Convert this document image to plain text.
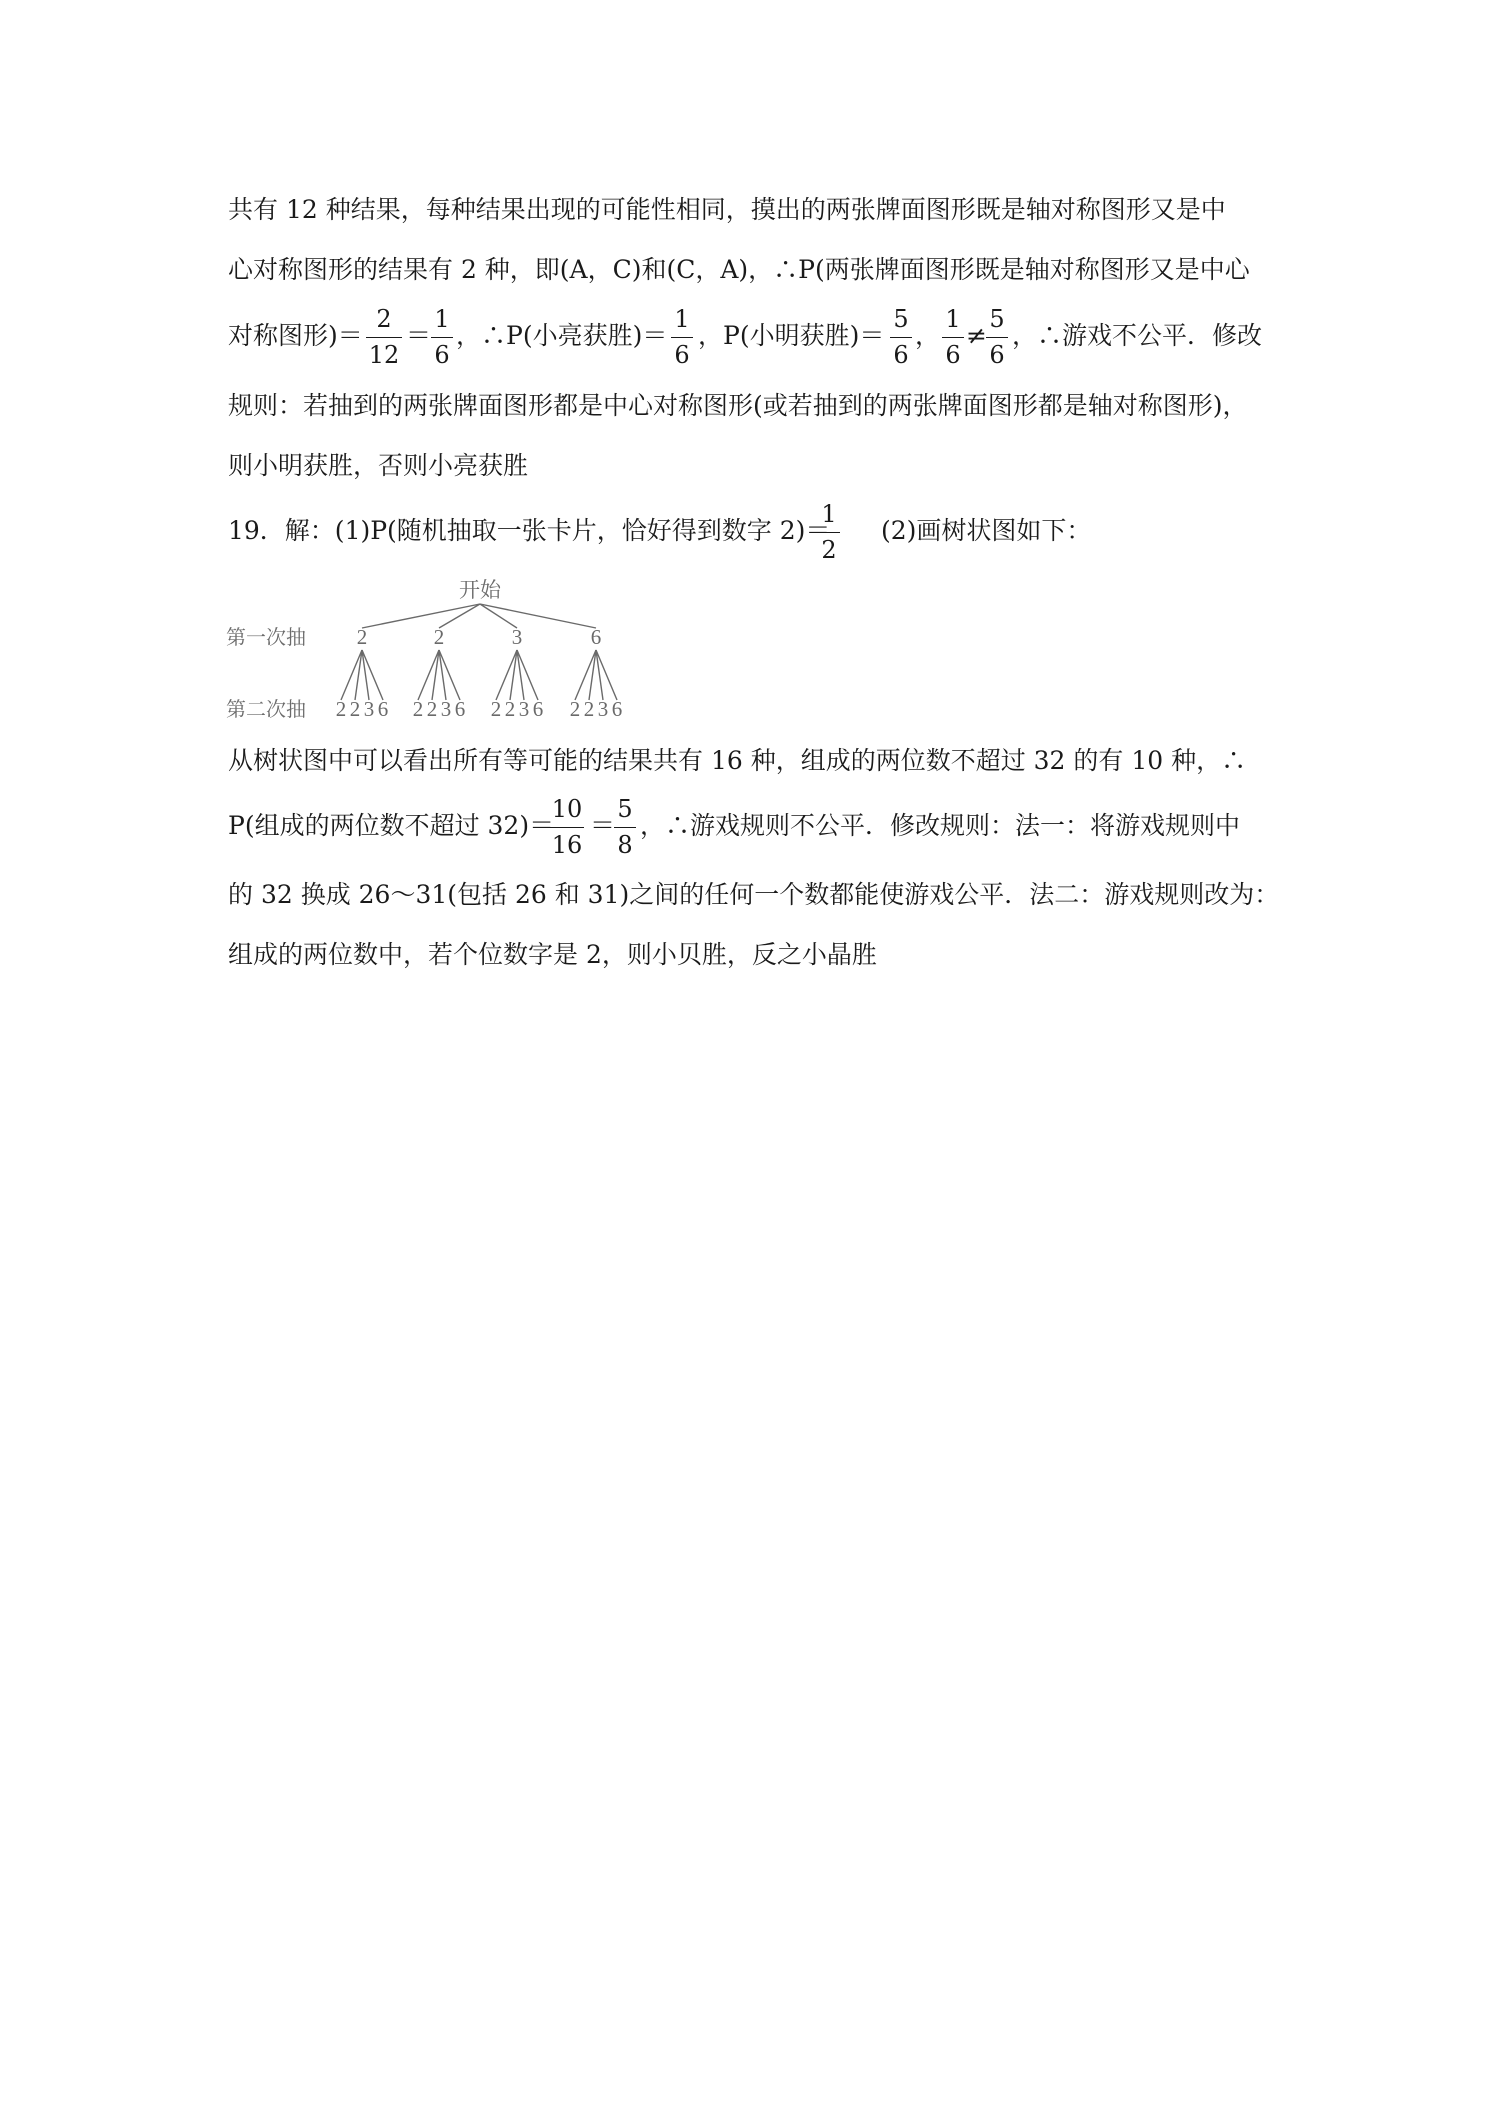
共有 12 种结果，每种结果出现的可能性相同，摸出的两张牌面图形既是轴对称图形又是中
心对称图形的结果有 2 种，即(A，C)和(C，A)，∴P(两张牌面图形既是轴对称图形又是中心
对称图形)＝
2
12
＝
1
6
，∴P(小亮获胜)＝
1
6
，P(小明获胜)＝
5
6
，
1
6
≠
5
6
，∴游戏不公平．修改
规则：若抽到的两张牌面图形都是中心对称图形(或若抽到的两张牌面图形都是轴对称图形)，
则小明获胜，否则小亮获胜
19．解：(1)P(随机抽取一张卡片，恰好得到数字 2)＝
1
2
(2)画树状图如下：
开始
第一次抽
第二次抽
2	2	3	6
2 2 3 6 2 2 3 6 2 2 3 6 2 2 3 6
从树状图中可以看出所有等可能的结果共有 16 种，组成的两位数不超过 32 的有 10 种，∴
P(组成的两位数不超过 32)＝
10
16
＝
5
8
，∴游戏规则不公平．修改规则：法一：将游戏规则中
的 32 换成 26～31(包括 26 和 31)之间的任何一个数都能使游戏公平．法二：游戏规则改为：
组成的两位数中，若个位数字是 2，则小贝胜，反之小晶胜
